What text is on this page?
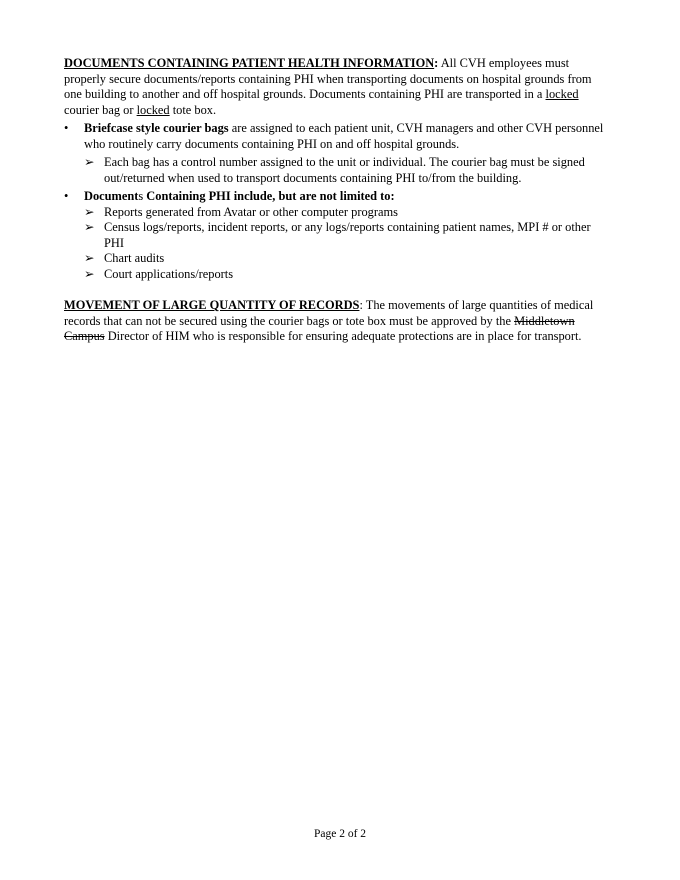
DOCUMENTS CONTAINING PATIENT HEALTH INFORMATION: All CVH employees must properly secure documents/reports containing PHI when transporting documents on hospital grounds from one building to another and off hospital grounds. Documents containing PHI are transported in a locked courier bag or locked tote box.

• Briefcase style courier bags are assigned to each patient unit, CVH managers and other CVH personnel who routinely carry documents containing PHI on and off hospital grounds.
➢ Each bag has a control number assigned to the unit or individual. The courier bag must be signed out/returned when used to transport documents containing PHI to/from the building.
• Documents Containing PHI include, but are not limited to:
➢ Reports generated from Avatar or other computer programs
➢ Census logs/reports, incident reports, or any logs/reports containing patient names, MPI # or other PHI
➢ Chart audits
➢ Court applications/reports

MOVEMENT OF LARGE QUANTITY OF RECORDS: The movements of large quantities of medical records that can not be secured using the courier bags or tote box must be approved by the Middletown Campus Director of HIM who is responsible for ensuring adequate protections are in place for transport.

Page 2 of 2
